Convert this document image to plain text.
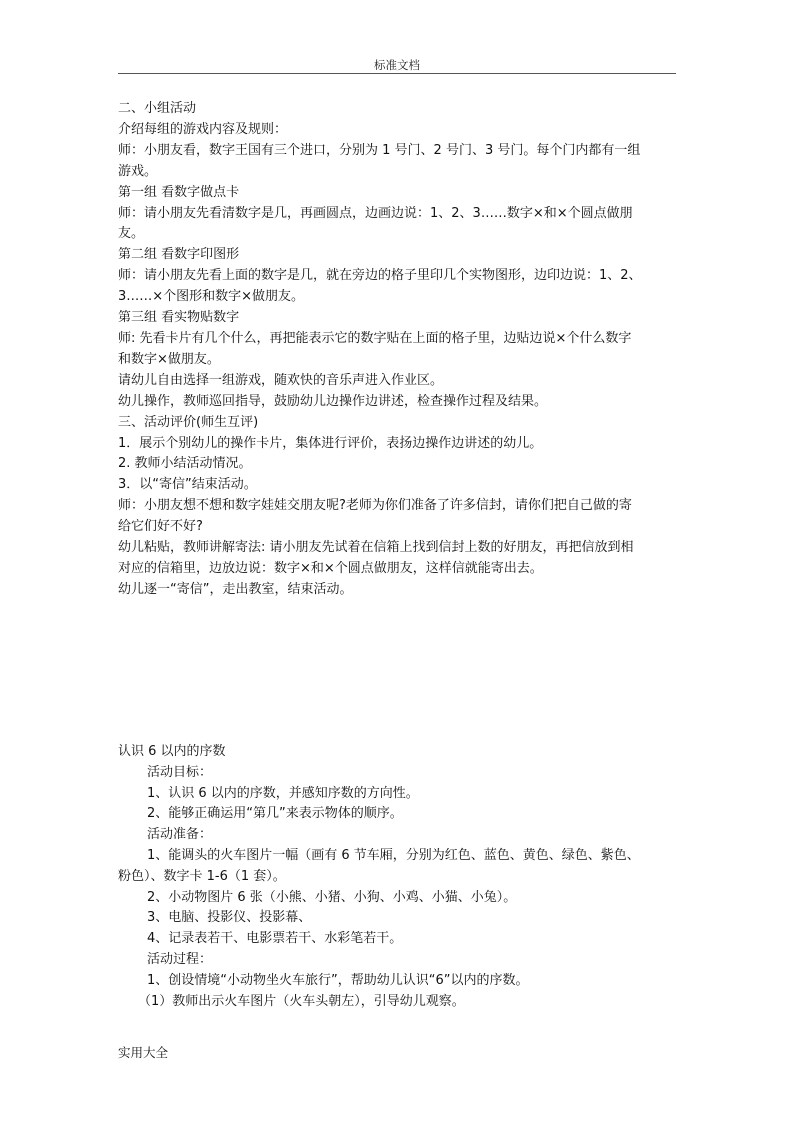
标准文档

二、小组活动

介绍每组的游戏内容及规则：

师：小朋友看，数字王国有三个进口，分别为 1 号门、2 号门、3 号门。每个门内都有一组

游戏。

第一组 看数字做点卡

师：请小朋友先看清数字是几，再画圆点，边画边说：1、2、3……数字×和×个圆点做朋

友。

第二组 看数字印图形

师：请小朋友先看上面的数字是几，就在旁边的格子里印几个实物图形，边印边说：1、2、

3……×个图形和数字×做朋友。

第三组 看实物贴数字

师: 先看卡片有几个什么，再把能表示它的数字贴在上面的格子里，边贴边说×个什么数字

和数字×做朋友。

请幼儿自由选择一组游戏，随欢快的音乐声进入作业区。

幼儿操作，教师巡回指导，鼓励幼儿边操作边讲述，检查操作过程及结果。

三、活动评价(师生互评)

1．展示个别幼儿的操作卡片，集体进行评价，表扬边操作边讲述的幼儿。

2. 教师小结活动情况。

3．以“寄信”结束活动。

师：小朋友想不想和数字娃娃交朋友呢?老师为你们准备了许多信封，请你们把自己做的寄

给它们好不好?

幼儿粘贴，教师讲解寄法: 请小朋友先试着在信箱上找到信封上数的好朋友，再把信放到相

对应的信箱里，边放边说：数字×和×个圆点做朋友，这样信就能寄出去。

幼儿逐一“寄信”，走出教室，结束活动。

认识 6 以内的序数

活动目标：

1、认识 6 以内的序数，并感知序数的方向性。

2、能够正确运用“第几”来表示物体的顺序。

活动准备：

1、能调头的火车图片一幅（画有 6 节车厢，分别为红色、蓝色、黄色、绿色、紫色、

粉色）、数字卡 1-6（1 套）。

2、小动物图片 6 张（小熊、小猪、小狗、小鸡、小猫、小兔）。

3、电脑、投影仪、投影幕、

4、记录表若干、电影票若干、水彩笔若干。

活动过程：

1、创设情境“小动物坐火车旅行”，帮助幼儿认识“6”以内的序数。

（1）教师出示火车图片（火车头朝左），引导幼儿观察。

实用大全
